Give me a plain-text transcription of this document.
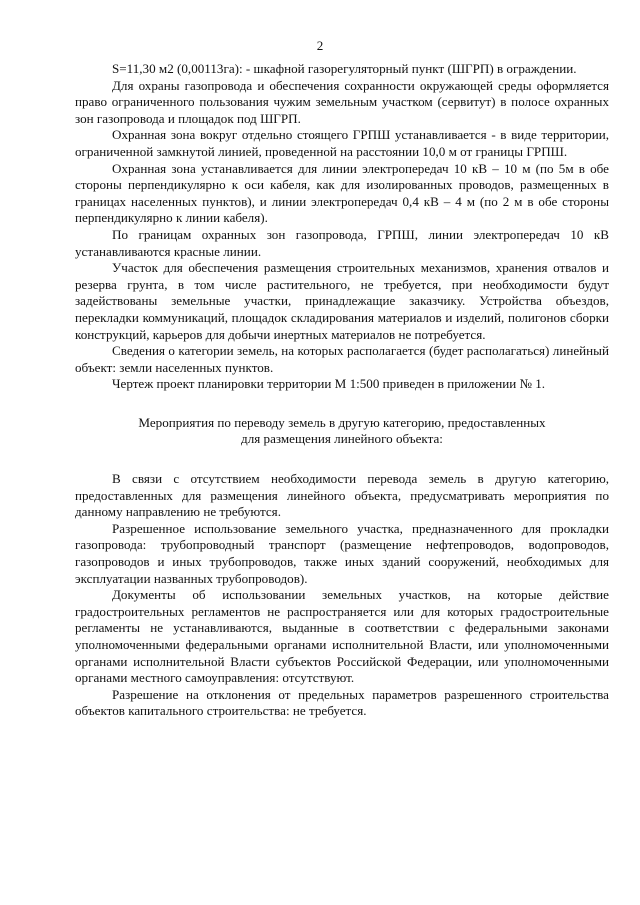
2

S=11,30 м2 (0,00113га): - шкафной газорегуляторный пункт (ШГРП) в ограждении.

Для охраны газопровода и обеспечения сохранности окружающей среды оформляется право ограниченного пользования чужим земельным участком (сервитут) в полосе охранных зон газопровода и площадок под ШГРП.

Охранная зона вокруг отдельно стоящего ГРПШ устанавливается - в виде территории, ограниченной замкнутой линией, проведенной на расстоянии 10,0 м от границы ГРПШ.

Охранная зона устанавливается для линии электропередач 10 кВ – 10 м (по 5м в обе стороны перпендикулярно к оси кабеля, как для изолированных проводов, размещенных в границах населенных пунктов), и линии электропередач 0,4 кВ – 4 м (по 2 м в обе стороны перпендикулярно к линии кабеля).

По границам охранных зон газопровода, ГРПШ, линии электропередач 10 кВ устанавливаются красные линии.

Участок для обеспечения размещения строительных механизмов, хранения отвалов и резерва грунта, в том числе растительного, не требуется, при необходимости будут задействованы земельные участки, принадлежащие заказчику. Устройства объездов, перекладки коммуникаций, площадок складирования материалов и изделий, полигонов сборки конструкций, карьеров для добычи инертных материалов не потребуется.

Сведения о категории земель, на которых располагается (будет располагаться) линейный объект: земли населенных пунктов.

Чертеж проект планировки территории М 1:500 приведен в приложении № 1.

Мероприятия по переводу земель в другую категорию, предоставленных
для размещения линейного объекта:

В связи с отсутствием необходимости перевода земель в другую категорию, предоставленных для размещения линейного объекта, предусматривать мероприятия по данному направлению не требуются.

Разрешенное использование земельного участка, предназначенного для прокладки газопровода: трубопроводный транспорт (размещение нефтепроводов, водопроводов, газопроводов и иных трубопроводов, также иных зданий сооружений, необходимых для эксплуатации названных трубопроводов).

Документы об использовании земельных участков, на которые действие градостроительных регламентов не распространяется или для которых градостроительные регламенты не устанавливаются, выданные в соответствии с федеральными законами уполномоченными федеральными органами исполнительной Власти, или уполномоченными органами исполнительной Власти субъектов Российской Федерации, или уполномоченными органами местного самоуправления: отсутствуют.

Разрешение на отклонения от предельных параметров разрешенного строительства объектов капитального строительства: не требуется.
